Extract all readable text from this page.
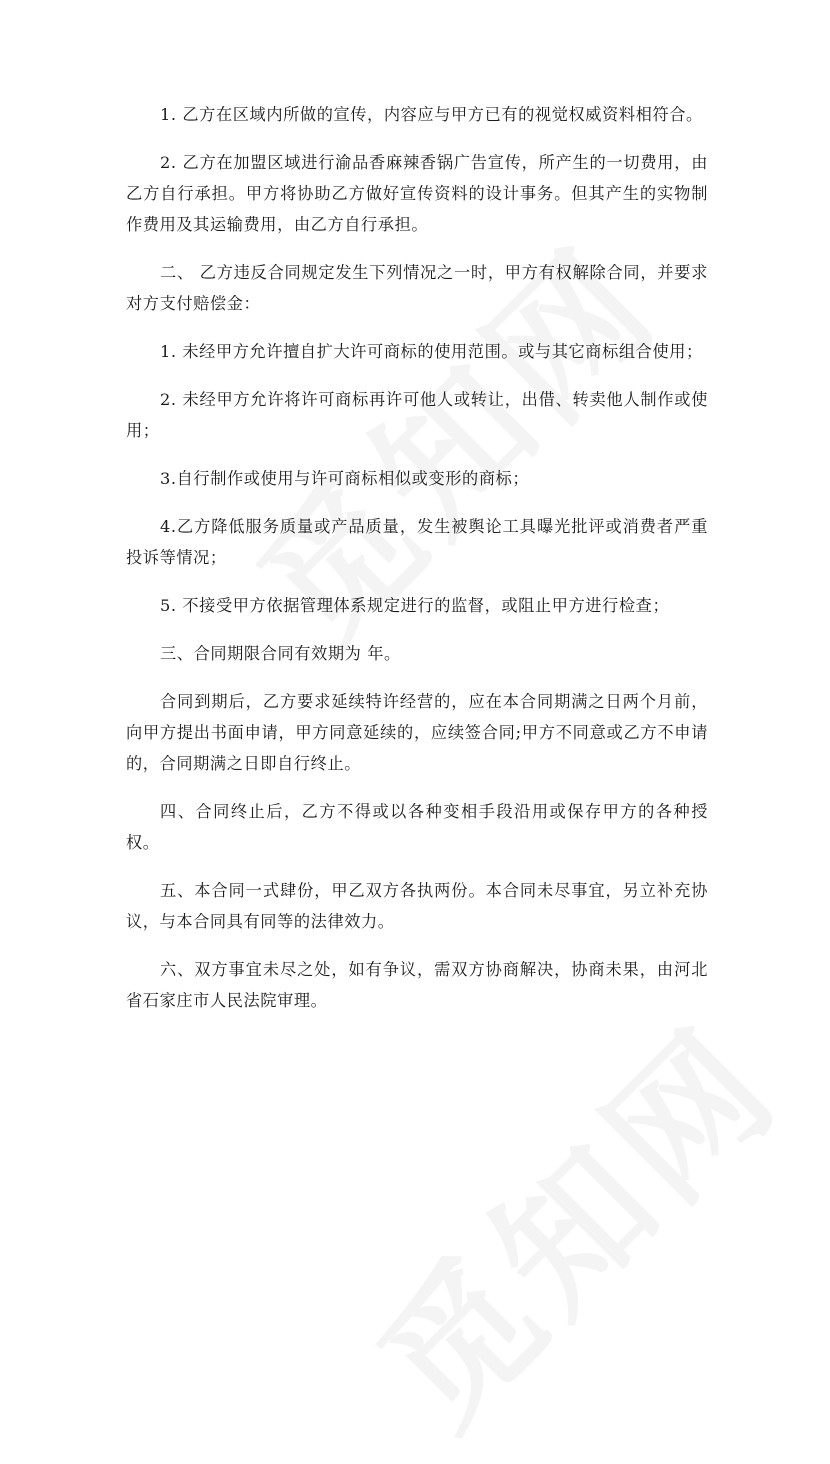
1. 乙方在区域内所做的宣传，内容应与甲方已有的视觉权威资料相符合。

2. 乙方在加盟区域进行渝品香麻辣香锅广告宣传，所产生的一切费用，由乙方自行承担。甲方将协助乙方做好宣传资料的设计事务。但其产生的实物制作费用及其运输费用，由乙方自行承担。

二、 乙方违反合同规定发生下列情况之一时，甲方有权解除合同，并要求对方支付赔偿金：

1. 未经甲方允许擅自扩大许可商标的使用范围。或与其它商标组合使用；

2. 未经甲方允许将许可商标再许可他人或转让，出借、转卖他人制作或使用；

3.自行制作或使用与许可商标相似或变形的商标；

4.乙方降低服务质量或产品质量，发生被舆论工具曝光批评或消费者严重投诉等情况；

5. 不接受甲方依据管理体系规定进行的监督，或阻止甲方进行检查；

三、合同期限合同有效期为 年。

合同到期后，乙方要求延续特许经营的，应在本合同期满之日两个月前，向甲方提出书面申请，甲方同意延续的，应续签合同;甲方不同意或乙方不申请的，合同期满之日即自行终止。

四、合同终止后，乙方不得或以各种变相手段沿用或保存甲方的各种授权。

五、本合同一式肆份，甲乙双方各执两份。本合同未尽事宜，另立补充协议，与本合同具有同等的法律效力。

六、双方事宜未尽之处，如有争议，需双方协商解决，协商未果，由河北省石家庄市人民法院审理。
